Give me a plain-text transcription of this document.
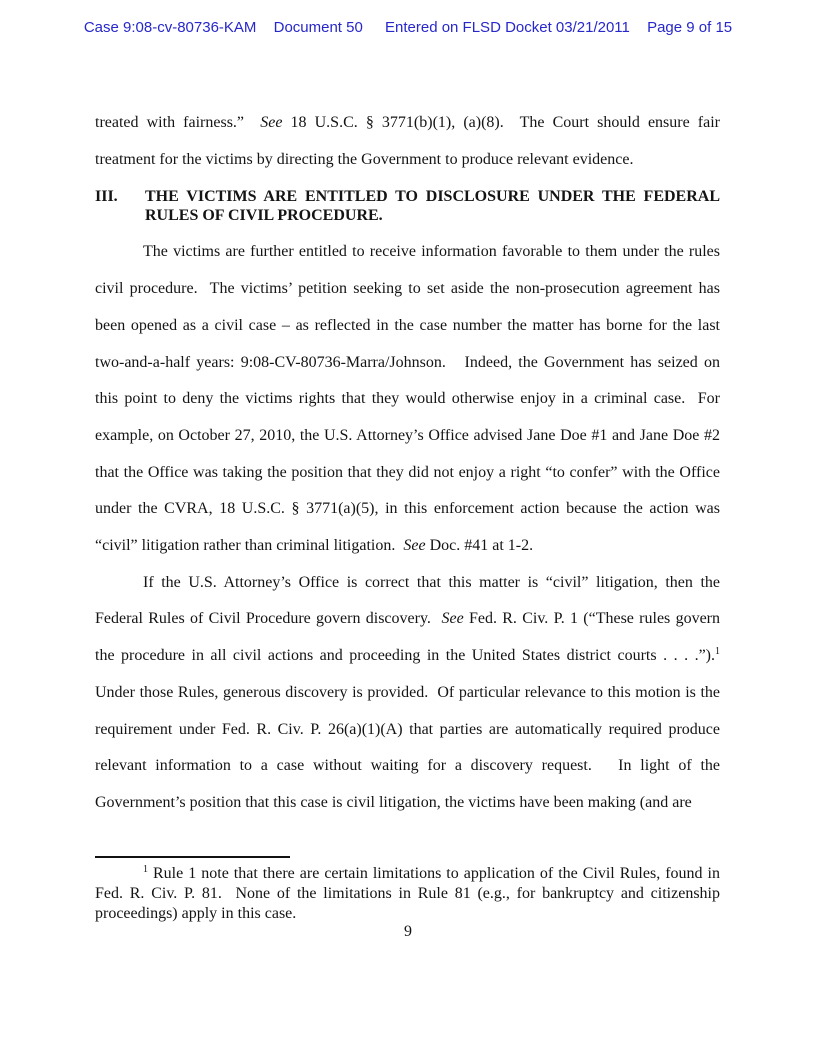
Case 9:08-cv-80736-KAM Document 50 Entered on FLSD Docket 03/21/2011 Page 9 of 15

treated with fairness.”  See 18 U.S.C. § 3771(b)(1), (a)(8).  The Court should ensure fair treatment for the victims by directing the Government to produce relevant evidence.

III. THE VICTIMS ARE ENTITLED TO DISCLOSURE UNDER THE FEDERAL RULES OF CIVIL PROCEDURE.

The victims are further entitled to receive information favorable to them under the rules civil procedure.  The victims’ petition seeking to set aside the non-prosecution agreement has been opened as a civil case – as reflected in the case number the matter has borne for the last two-and-a-half years: 9:08-CV-80736-Marra/Johnson.   Indeed, the Government has seized on this point to deny the victims rights that they would otherwise enjoy in a criminal case.  For example, on October 27, 2010, the U.S. Attorney’s Office advised Jane Doe #1 and Jane Doe #2 that the Office was taking the position that they did not enjoy a right “to confer” with the Office under the CVRA, 18 U.S.C. § 3771(a)(5), in this enforcement action because the action was “civil” litigation rather than criminal litigation.  See Doc. #41 at 1-2.

If the U.S. Attorney’s Office is correct that this matter is “civil” litigation, then the Federal Rules of Civil Procedure govern discovery.  See Fed. R. Civ. P. 1 (“These rules govern the procedure in all civil actions and proceeding in the United States district courts . . . .”).$^1$  Under those Rules, generous discovery is provided.  Of particular relevance to this motion is the requirement under Fed. R. Civ. P. 26(a)(1)(A) that parties are automatically required produce relevant information to a case without waiting for a discovery request.   In light of the Government’s position that this case is civil litigation, the victims have been making (and are

$^1$ Rule 1 note that there are certain limitations to application of the Civil Rules, found in Fed. R. Civ. P. 81.  None of the limitations in Rule 81 (e.g., for bankruptcy and citizenship proceedings) apply in this case.

9
